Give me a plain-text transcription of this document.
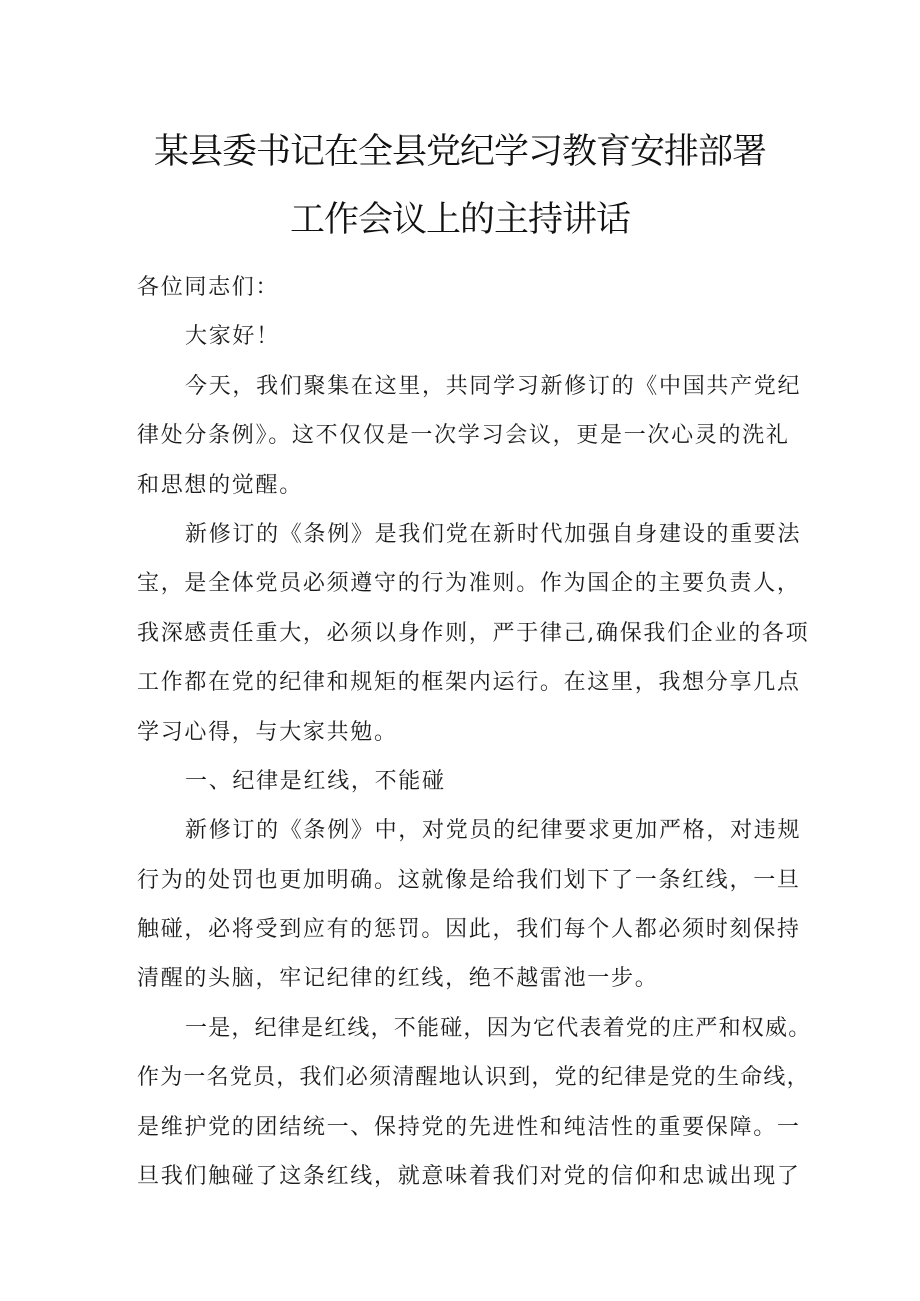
某县委书记在全县党纪学习教育安排部署
工作会议上的主持讲话
各位同志们：
大家好！
今天，我们聚集在这里，共同学习新修订的《中国共产党纪
律处分条例》。这不仅仅是一次学习会议，更是一次心灵的洗礼
和思想的觉醒。
新修订的《条例》是我们党在新时代加强自身建设的重要法
宝，是全体党员必须遵守的行为准则。作为国企的主要负责人，
我深感责任重大，必须以身作则，严于律己,确保我们企业的各项
工作都在党的纪律和规矩的框架内运行。在这里，我想分享几点
学习心得，与大家共勉。
一、纪律是红线，不能碰
新修订的《条例》中，对党员的纪律要求更加严格，对违规
行为的处罚也更加明确。这就像是给我们划下了一条红线，一旦
触碰，必将受到应有的惩罚。因此，我们每个人都必须时刻保持
清醒的头脑，牢记纪律的红线，绝不越雷池一步。
一是，纪律是红线，不能碰，因为它代表着党的庄严和权威。
作为一名党员，我们必须清醒地认识到，党的纪律是党的生命线，
是维护党的团结统一、保持党的先进性和纯洁性的重要保障。一
旦我们触碰了这条红线，就意味着我们对党的信仰和忠诚出现了
